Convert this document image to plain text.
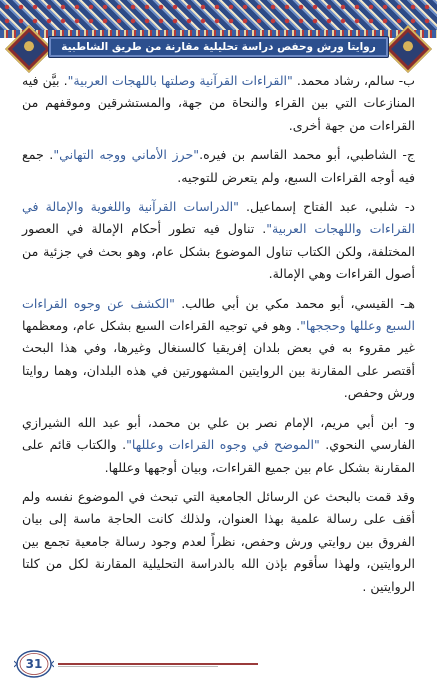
روايتا ورش وحفص دراسة تحليلية مقارنة من طريق الشاطبية

ب- سالم، رشاد محمد. "القراءات القرآنية وصلتها باللهجات العربية". بيَّن فيه المنازعات التي بين القراء والنحاة من جهة، والمستشرقين وموقفهم من القراءات من جهة أخرى.

ج- الشاطبي، أبو محمد القاسم بن فيره."حرز الأماني ووجه التهاني". جمع فيه أوجه القراءات السبع، ولم يتعرض للتوجيه.

د- شلبي، عبد الفتاح إسماعيل. "الدراسات القرآنية واللغوية والإمالة في القراءات واللهجات العربية". تناول فيه تطور أحكام الإمالة في العصور المختلفة، ولكن الكتاب تناول الموضوع بشكل عام، وهو بحث في جزئية من أصول القراءات وهي الإمالة.

هـ- القيسي، أبو محمد مكي بن أبي طالب. "الكشف عن وجوه القراءات السبع وعللها وحججها". وهو في توجيه القراءات السبع بشكل عام، ومعظمها غير مقروء به في بعض بلدان إفريقيا كالسنغال وغيرها، وفي هذا البحث أقتصر على المقارنة بين الروايتين المشهورتين في هذه البلدان، وهما روايتا ورش وحفص.

و- ابن أبي مريم، الإمام نصر بن علي بن محمد، أبو عبد الله الشيرازي الفارسي النحوي. "الموضح في وجوه القراءات وعللها". والكتاب قائم على المقارنة بشكل عام بين جميع القراءات، وبيان أوجهها وعللها.

وقد قمت بالبحث عن الرسائل الجامعية التي تبحث في الموضوع نفسه ولم أقف على رسالة علمية بهذا العنوان، ولذلك كانت الحاجة ماسة إلى بيان الفروق بين روايتي ورش وحفص، نظراً لعدم وجود رسالة جامعية تجمع بين الروايتين، ولهذا سأقوم بإذن الله بالدراسة التحليلية المقارنة لكل من كلتا الروايتين .

31
